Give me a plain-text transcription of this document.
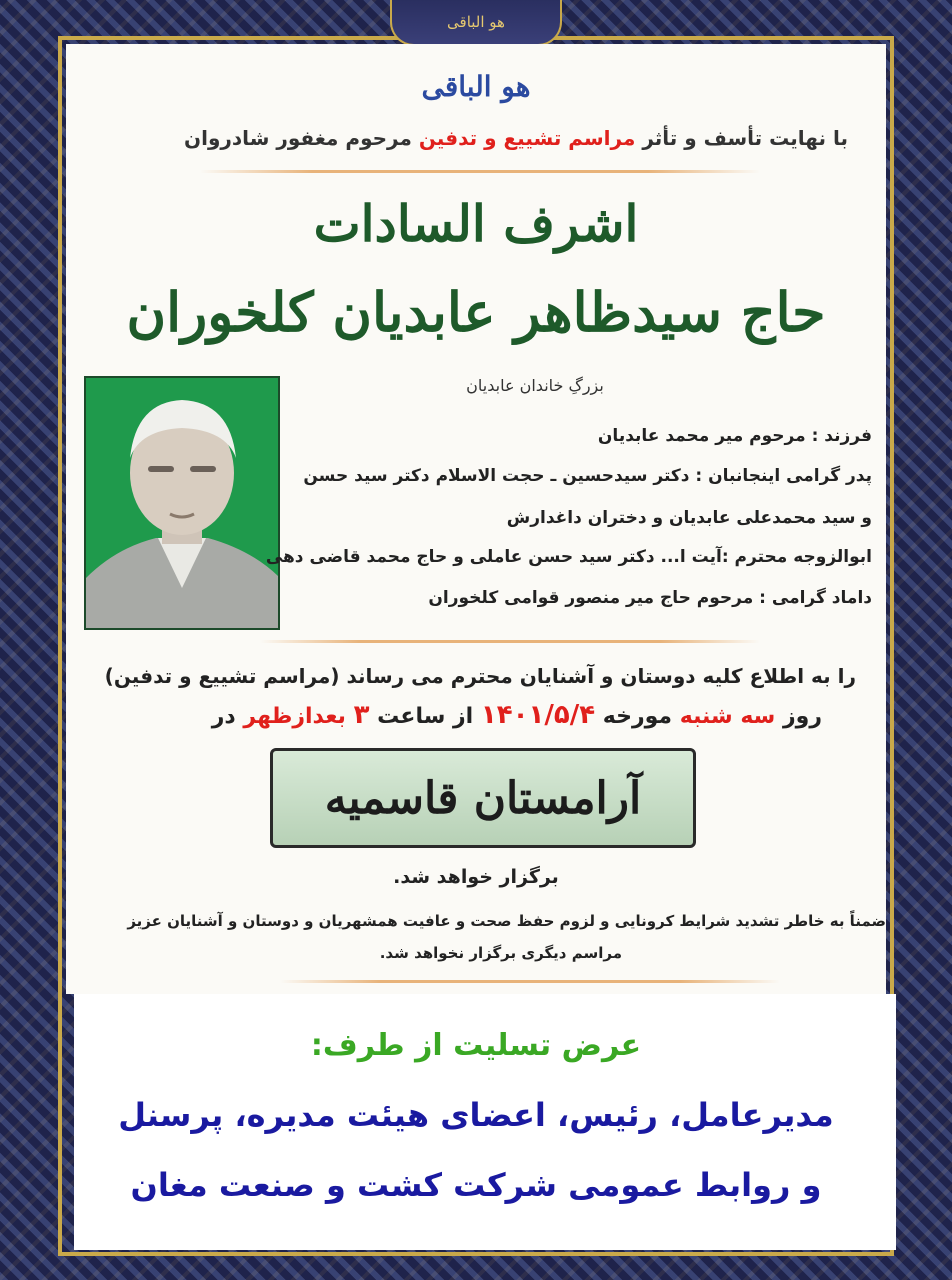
هو الباقی
هو الباقی
با نهایت تأسف و تأثر مراسم تشییع و تدفین مرحوم مغفور شادروان
اشرف السادات
حاج سیدظاهر عابدیان کلخوران
بزرگِ خاندان عابدیان
فرزند : مرحوم میر محمد عابدیان
پدر گرامی اینجانبان : دکتر سیدحسین ـ حجت الاسلام دکتر سید حسن
و سید محمدعلی عابدیان و دختران داغدارش
ابوالزوجه محترم :آیت ا... دکتر سید حسن عاملی و حاج محمد قاضی دهی
داماد گرامی : مرحوم حاج میر منصور قوامی کلخوران
را به اطلاع کلیه دوستان و آشنایان محترم می رساند (مراسم تشییع و تدفین)
روز سه شنبه مورخه ۱۴۰۱/۵/۴ از ساعت ۳ بعدازظهر در
آرامستان قاسمیه
برگزار خواهد شد.
ضمناً به خاطر تشدید شرایط کرونایی و لزوم حفظ صحت و عافیت همشهریان و دوستان و آشنایان عزیز
مراسم دیگری برگزار نخواهد شد.
عرض تسلیت از طرف:
مدیرعامل، رئیس، اعضای هیئت مدیره، پرسنل
و روابط عمومی شرکت کشت و صنعت مغان
